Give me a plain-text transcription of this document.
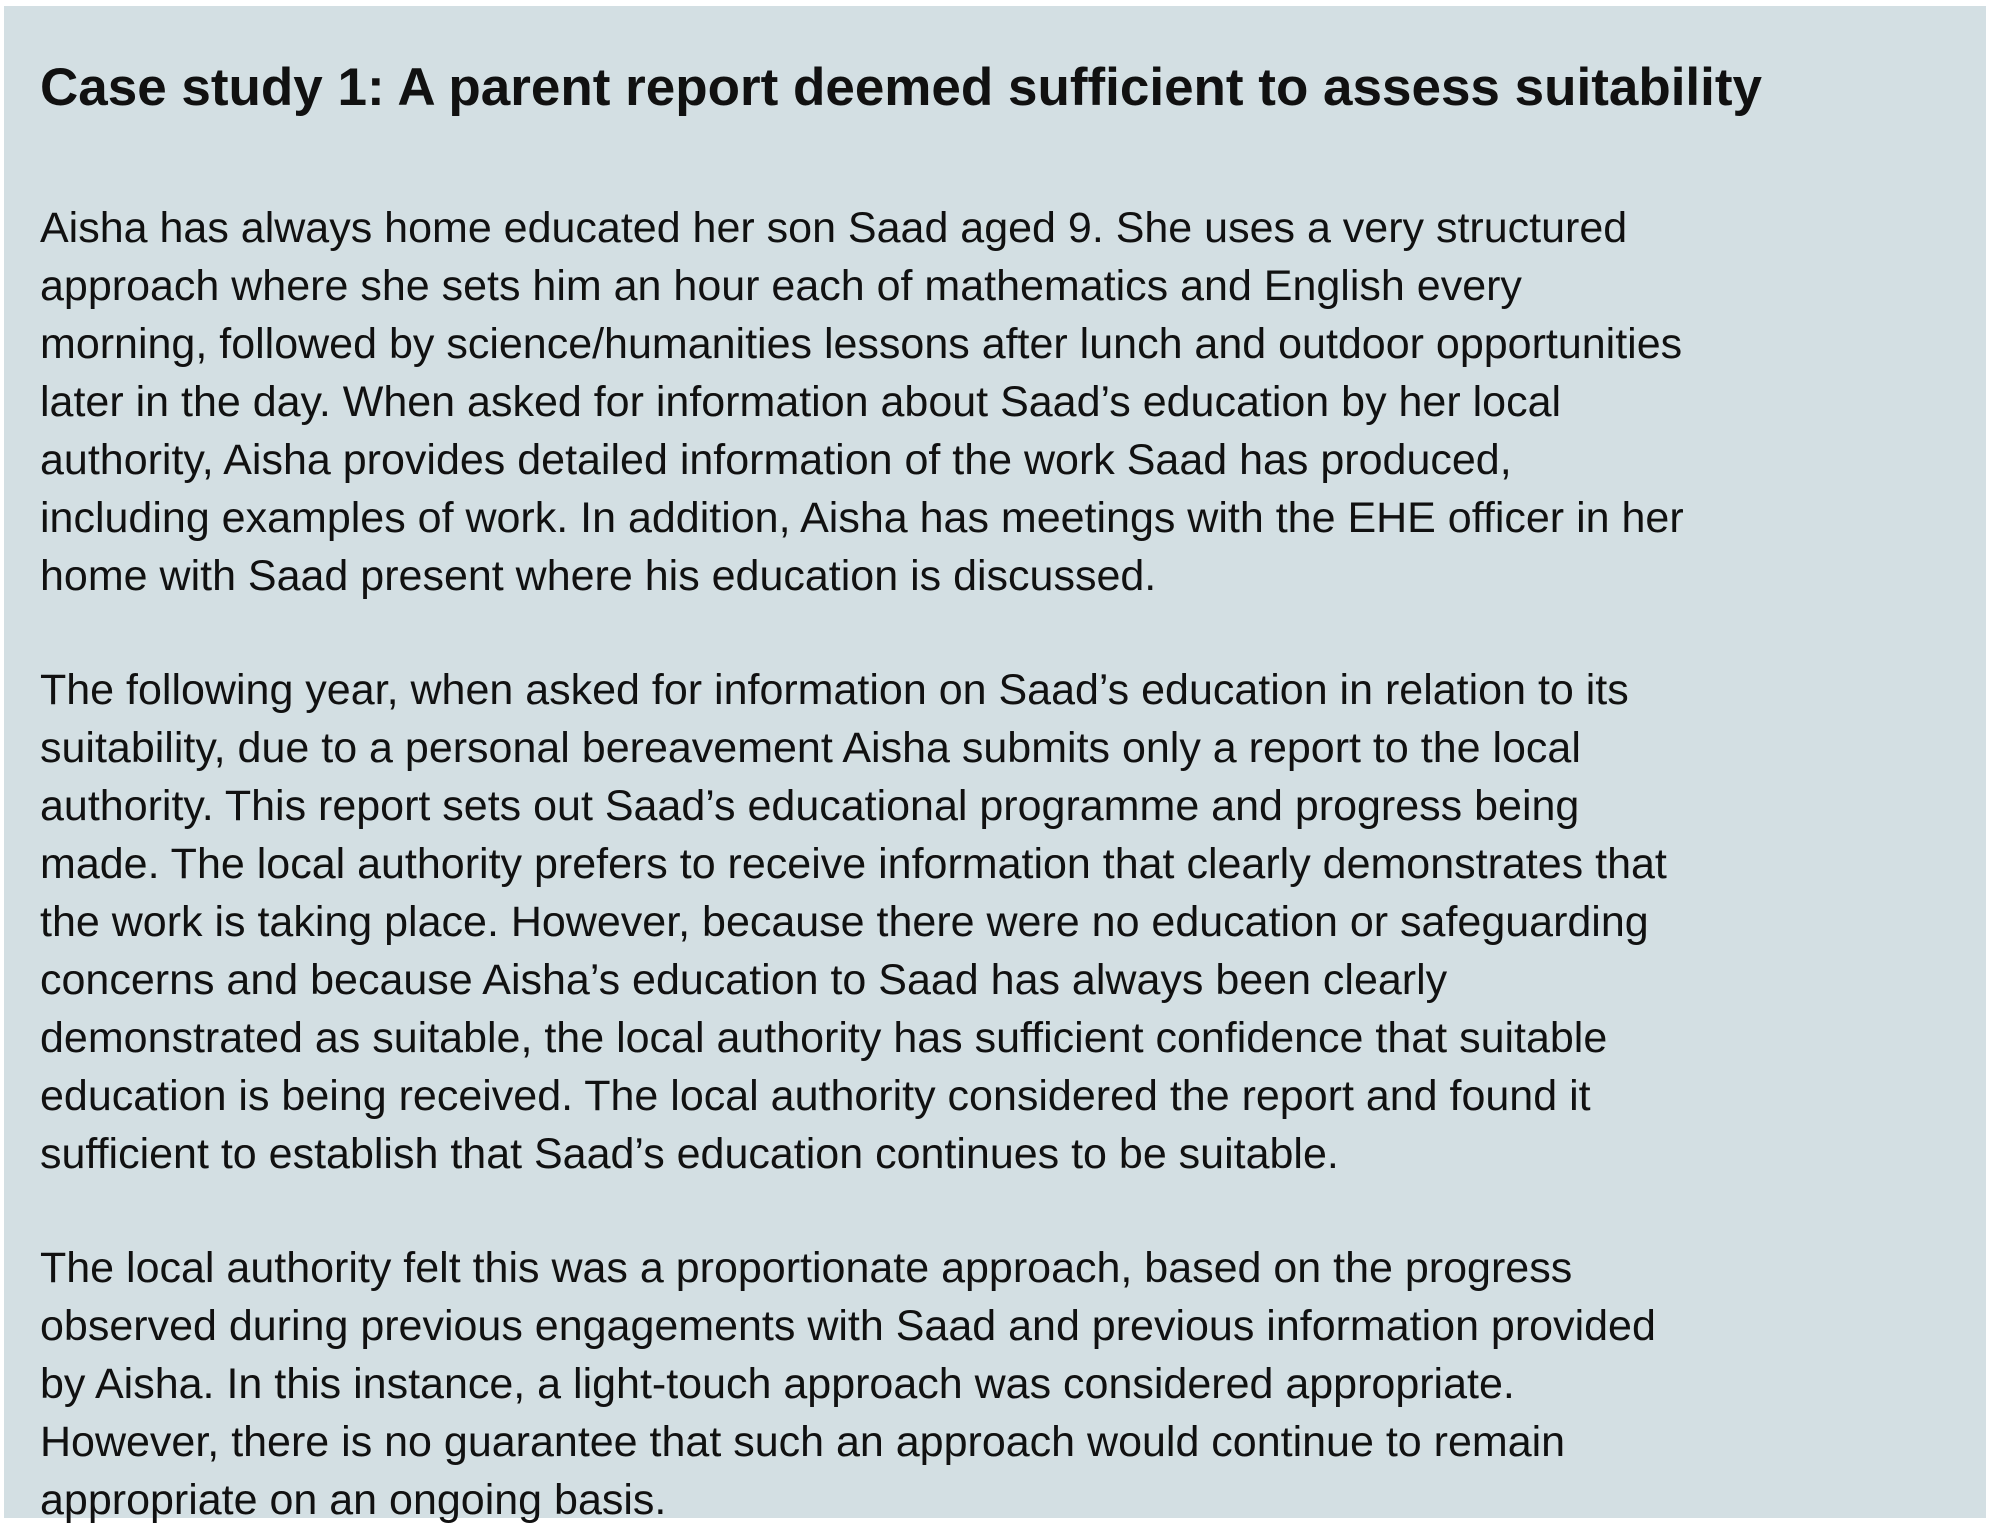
Case study 1: A parent report deemed sufficient to assess suitability

Aisha has always home educated her son Saad aged 9. She uses a very structured
approach where she sets him an hour each of mathematics and English every
morning, followed by science/humanities lessons after lunch and outdoor opportunities
later in the day. When asked for information about Saad’s education by her local
authority, Aisha provides detailed information of the work Saad has produced,
including examples of work. In addition, Aisha has meetings with the EHE officer in her
home with Saad present where his education is discussed.

The following year, when asked for information on Saad’s education in relation to its
suitability, due to a personal bereavement Aisha submits only a report to the local
authority. This report sets out Saad’s educational programme and progress being
made. The local authority prefers to receive information that clearly demonstrates that
the work is taking place. However, because there were no education or safeguarding
concerns and because Aisha’s education to Saad has always been clearly
demonstrated as suitable, the local authority has sufficient confidence that suitable
education is being received. The local authority considered the report and found it
sufficient to establish that Saad’s education continues to be suitable.

The local authority felt this was a proportionate approach, based on the progress
observed during previous engagements with Saad and previous information provided
by Aisha. In this instance, a light-touch approach was considered appropriate.
However, there is no guarantee that such an approach would continue to remain
appropriate on an ongoing basis.
